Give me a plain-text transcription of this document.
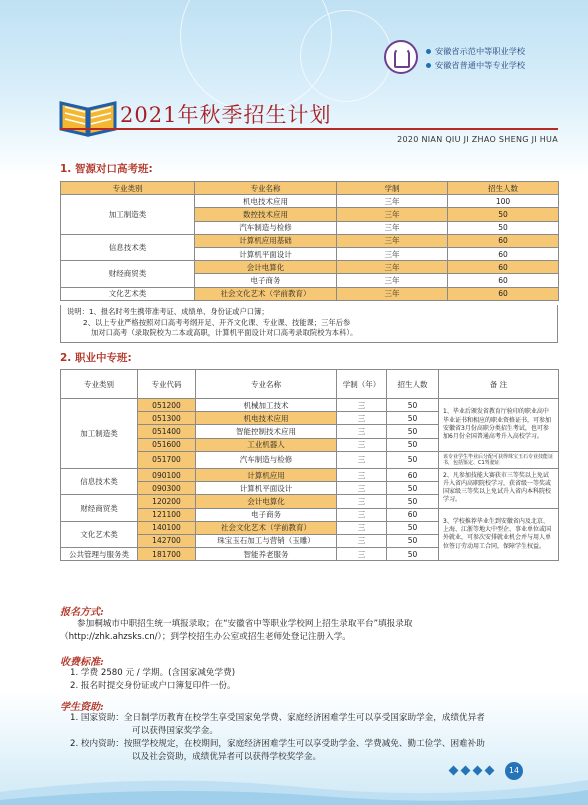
安徽省示范中等职业学校
安徽省普通中等专业学校
2021年秋季招生计划
2020 NIAN QIU JI ZHAO SHENG JI HUA
1. 智源对口高考班:
专业类别	专业名称	学制	招生人数
加工制造类	机电技术应用	三年	100
	数控技术应用	三年	50
	汽车制造与检修	三年	50
信息技术类	计算机应用基础	三年	60
	计算机平面设计	三年	60
财经商贸类	会计电算化	三年	60
	电子商务	三年	60
文化艺术类	社会文化艺术（学前教育）	三年	60
说明：1、报名时考生携带准考证、成绩单、身份证或户口簿；
2、以上专业严格按照对口高考考纲开足、开齐文化课、专业课、技能课；三年后参
加对口高考（录取院校为二本或高职，计算机平面设计对口高考录取院校为本科）。
2. 职业中专班:
专业类别	专业代码	专业名称	学制（年）	招生人数	备 注
加工制造类	051200	机械加工技术	三	50	1、毕业后颁发省教育厅验印的职业高中毕业证书和相应的职业资格证书，可参加安徽省3月份高职分类招生考试，也可参加6月份全国普通高考升入高校学习。
	051300	机电技术应用	三	50	
	051400	智能控制技术应用	三	50	
	051600	工业机器人	三	50	
	051700	汽车制造与检修	三	50	该专业学生毕业后分配可获得珠宝玉石专业技能证书，包括鉴定、C1驾驶证
信息技术类	090100	计算机应用	三	60	2、凡参加技能大赛获市三等奖以上免试升入省内高职院校学习，获省级一等奖或国家级三等奖以上免试升入省内本科院校学习。
	090300	计算机平面设计	三	50	
财经商贸类	120200	会计电算化	三	50	
	121100	电子商务	三	60	3、学校推荐毕业生到安徽省内及北京、上海、江浙等地大中型企、事业单位或国外就业，可参次安排就业机会并与用人单位签订劳动用工合同，保障学生权益。
文化艺术类	140100	社会文化艺术（学前教育）	三	50	
	142700	珠宝玉石加工与营销（玉雕）	三	50	
公共管理与服务类	181700	智能养老服务	三	50	
报名方式:
参加桐城市中职招生统一填报录取；在“安徽省中等职业学校网上招生录取平台”填报录取
（http://zhk.ahzsks.cn/）；到学校招生办公室或招生老师处登记注册入学。
收费标准:
1. 学费 2580 元 / 学期。(含国家减免学费)
2. 报名时提交身份证或户口簿复印件一份。
学生资助:
1. 国家资助：全日制学历教育在校学生享受国家免学费、家庭经济困难学生可以享受国家助学金，成绩优异者
可以获得国家奖学金。
2. 校内资助：按照学校规定，在校期间，家庭经济困难学生可以享受助学金、学费减免、勤工俭学、困难补助
以及社会资助，成绩优异者可以获得学校奖学金。
14
